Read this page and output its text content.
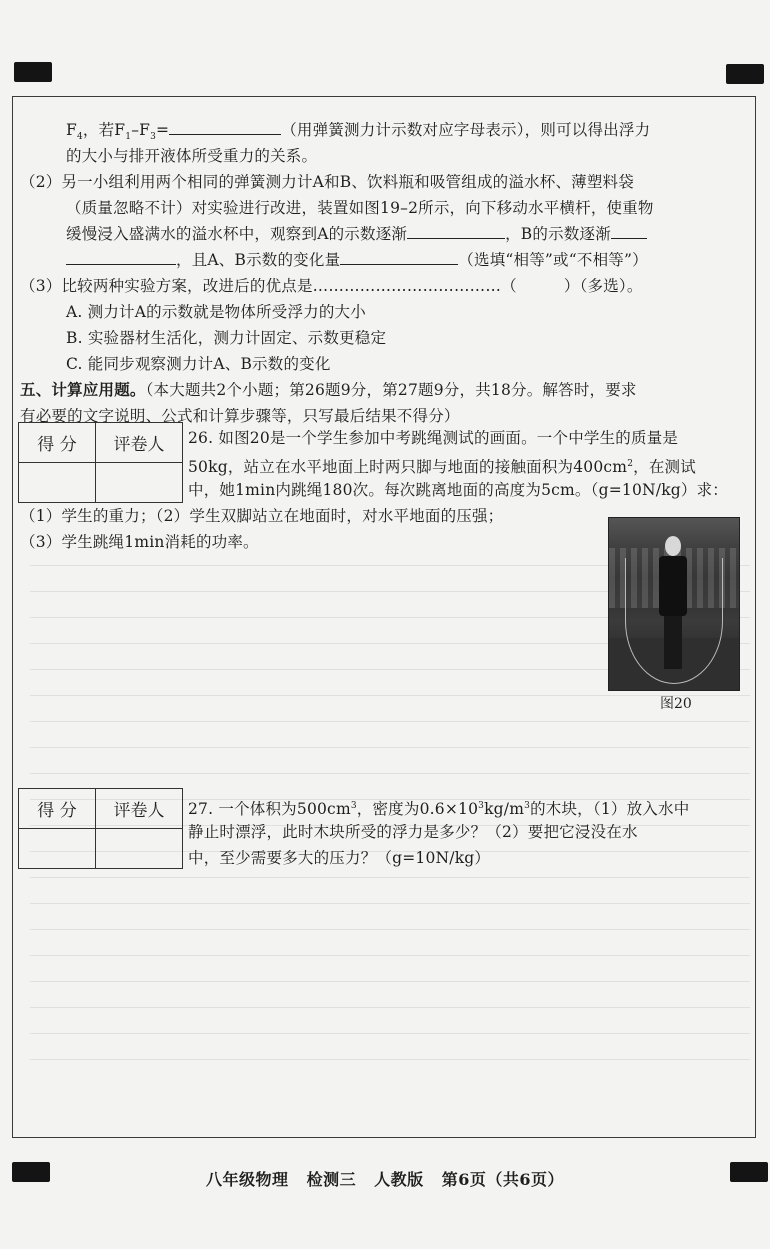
$F_4$，若$F_1-F_3=$	（用弹簧测力计示数对应字母表示），则可以得出浮力
的大小与排开液体所受重力的关系。
（2）另一小组利用两个相同的弹簧测力计A和B、饮料瓶和吸管组成的溢水杯、薄塑料袋
（质量忽略不计）对实验进行改进，装置如图19–2所示，向下移动水平横杆，使重物
缓慢浸入盛满水的溢水杯中，观察到A的示数逐渐	，B的示数逐渐
，且A、B示数的变化量	（选填“相等”或“不相等”）
（3）比较两种实验方案，改进后的优点是………………………………（　　　）（多选）。
A. 测力计A的示数就是物体所受浮力的大小
B. 实验器材生活化，测力计固定、示数更稳定
C. 能同步观察测力计A、B示数的变化
五、计算应用题。（本大题共2个小题；第26题9分，第27题9分，共18分。解答时，要求
有必要的文字说明、公式和计算步骤等，只写最后结果不得分）
得 分	评卷人
	26. 如图20是一个学生参加中考跳绳测试的画面。一个中学生的质量是
50kg，站立在水平地面上时两只脚与地面的接触面积为$400cm^2$，在测试
中，她1min内跳绳180次。每次跳离地面的高度为5cm。（g=10N/kg）求：
（1）学生的重力；（2）学生双脚站立在地面时，对水平地面的压强；
（3）学生跳绳1min消耗的功率。
图20
得 分	评卷人
	27. 一个体积为$500cm^3$，密度为$0.6\times 10^3kg/m^3$的木块，（1）放入水中
静止时漂浮，此时木块所受的浮力是多少？（2）要把它浸没在水
中，至少需要多大的压力？（g=10N/kg）
八年级物理 检测三 人教版 第6页（共6页）
